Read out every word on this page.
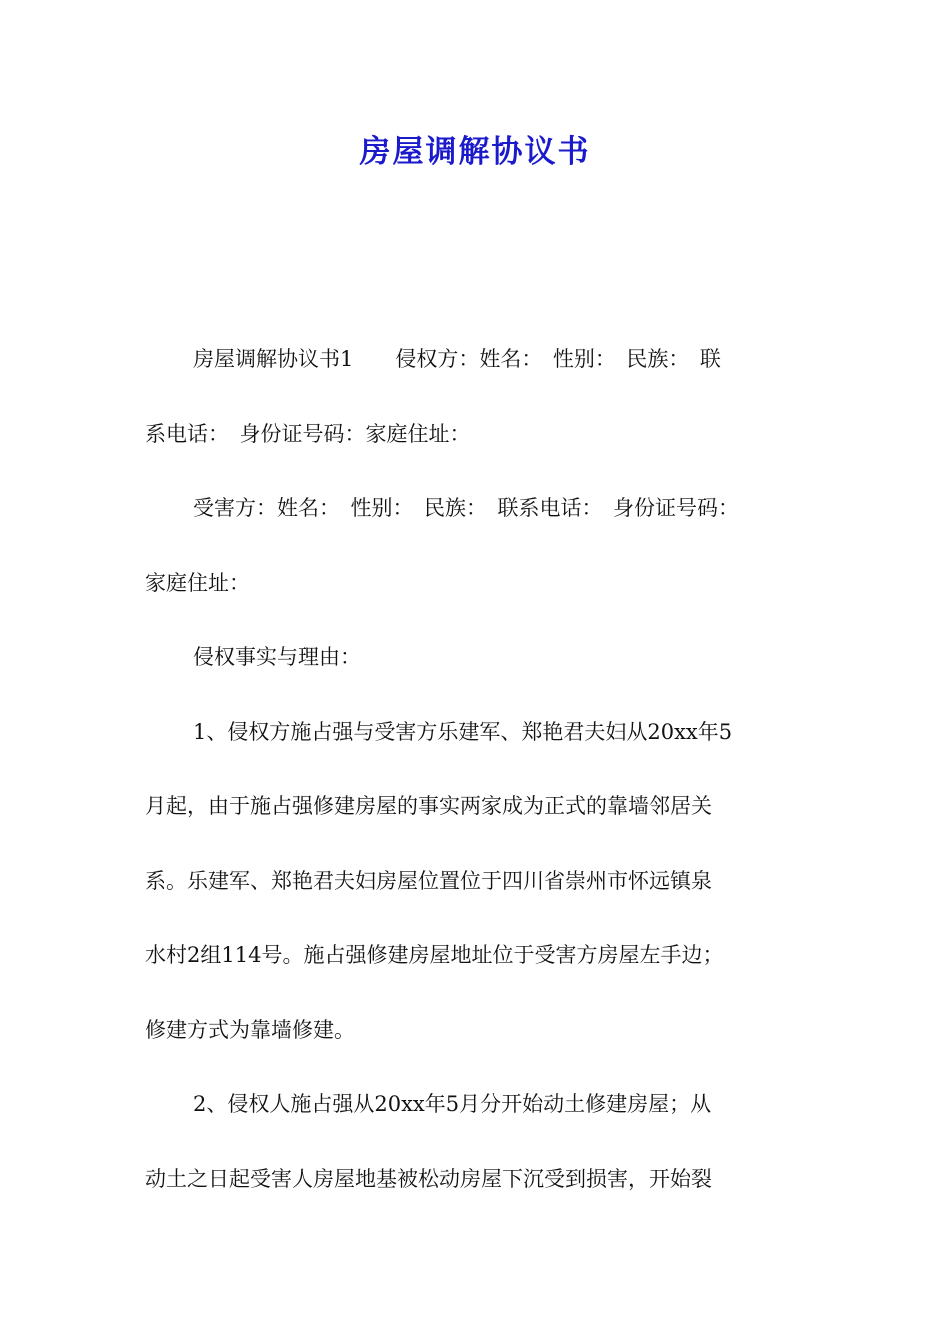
房屋调解协议书
房屋调解协议书1　　侵权方：姓名：　性别：　民族：　联
系电话：　身份证号码：家庭住址：
受害方：姓名：　性别：　民族：　联系电话：　身份证号码：
家庭住址：
侵权事实与理由：
1、侵权方施占强与受害方乐建军、郑艳君夫妇从20xx年5
月起，由于施占强修建房屋的事实两家成为正式的靠墙邻居关
系。乐建军、郑艳君夫妇房屋位置位于四川省崇州市怀远镇泉
水村2组114号。施占强修建房屋地址位于受害方房屋左手边；
修建方式为靠墙修建。
2、侵权人施占强从20xx年5月分开始动土修建房屋；从
动土之日起受害人房屋地基被松动房屋下沉受到损害，开始裂
